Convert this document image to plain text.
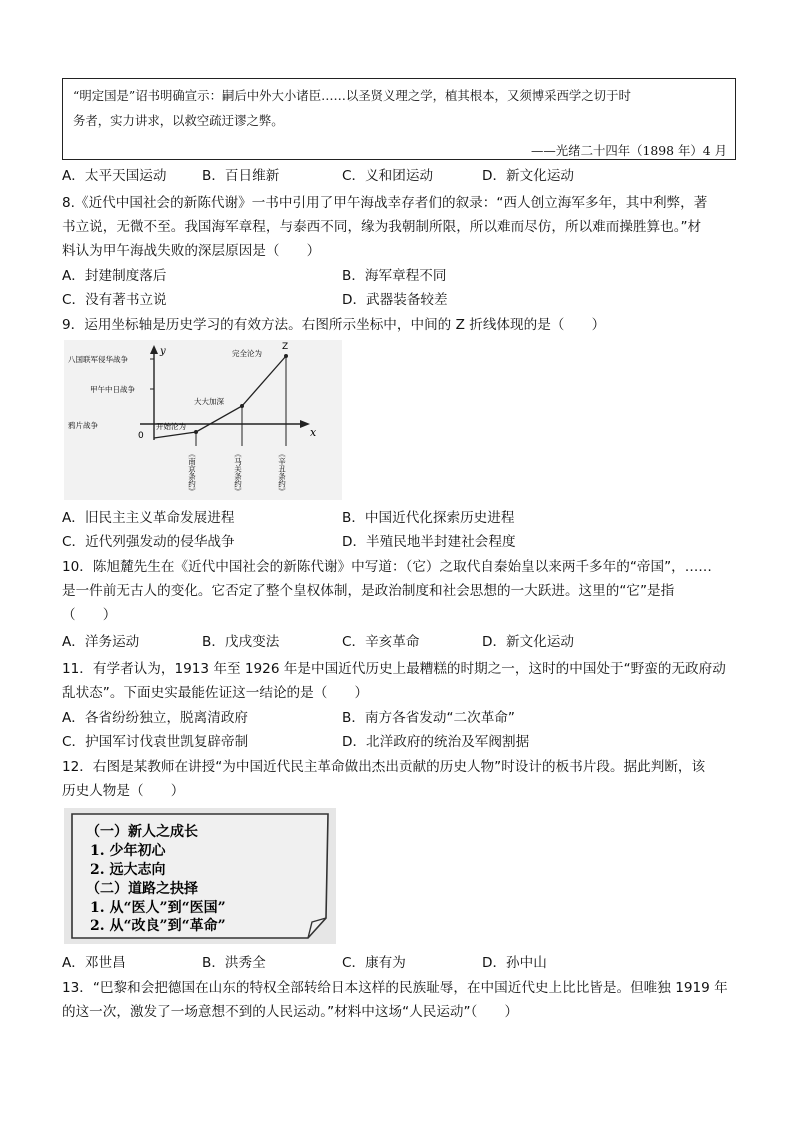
“明定国是”诏书明确宣示：嗣后中外大小诸臣……以圣贤义理之学，植其根本，又须博采西学之切于时
务者，实力讲求，以救空疏迂谬之弊。
——光绪二十四年（1898 年）4 月
A．太平天国运动	B．百日维新	C．义和团运动	D．新文化运动
8.《近代中国社会的新陈代谢》一书中引用了甲午海战幸存者们的叙录：“西人创立海军多年，其中利弊，著
书立说，无微不至。我国海军章程，与泰西不同，缘为我朝制所限，所以难而尽仿，所以难而操胜算也。”材
料认为甲午海战失败的深层原因是（　　）
A．封建制度落后	B．海军章程不同
C．没有著书立说	D．武器装备较差
9．运用坐标轴是历史学习的有效方法。右图所示坐标中，中间的 Z 折线体现的是（　　）
y
x
0
八国联军侵华战争
甲午中日战争
鸦片战争	开始沦为
大大加深
完全沦为
Z
《南京条约》	《马关条约》	《辛丑条约》
A．旧民主主义革命发展进程	B．中国近代化探索历史进程
C．近代列强发动的侵华战争	D．半殖民地半封建社会程度
10．陈旭麓先生在《近代中国社会的新陈代谢》中写道：（它）之取代自秦始皇以来两千多年的“帝国”，……
是一件前无古人的变化。它否定了整个皇权体制，是政治制度和社会思想的一大跃进。这里的“它”是指
（　　）
A．洋务运动	B．戊戌变法	C．辛亥革命	D．新文化运动
11．有学者认为，1913 年至 1926 年是中国近代历史上最糟糕的时期之一，这时的中国处于“野蛮的无政府动
乱状态”。下面史实最能佐证这一结论的是（　　）
A．各省纷纷独立，脱离清政府	B．南方各省发动“二次革命”
C．护国军讨伐袁世凯复辟帝制	D．北洋政府的统治及军阀割据
12．右图是某教师在讲授“为中国近代民主革命做出杰出贡献的历史人物”时设计的板书片段。据此判断，该
历史人物是（　　）
（一）新人之成长
1. 少年初心
2. 远大志向
（二）道路之抉择
1. 从“医人”到“医国”
2. 从“改良”到“革命”
A．邓世昌	B．洪秀全	C．康有为	D．孙中山
13．“巴黎和会把德国在山东的特权全部转给日本这样的民族耻辱，在中国近代史上比比皆是。但唯独 1919 年
的这一次，激发了一场意想不到的人民运动。”材料中这场“人民运动”（　　）
